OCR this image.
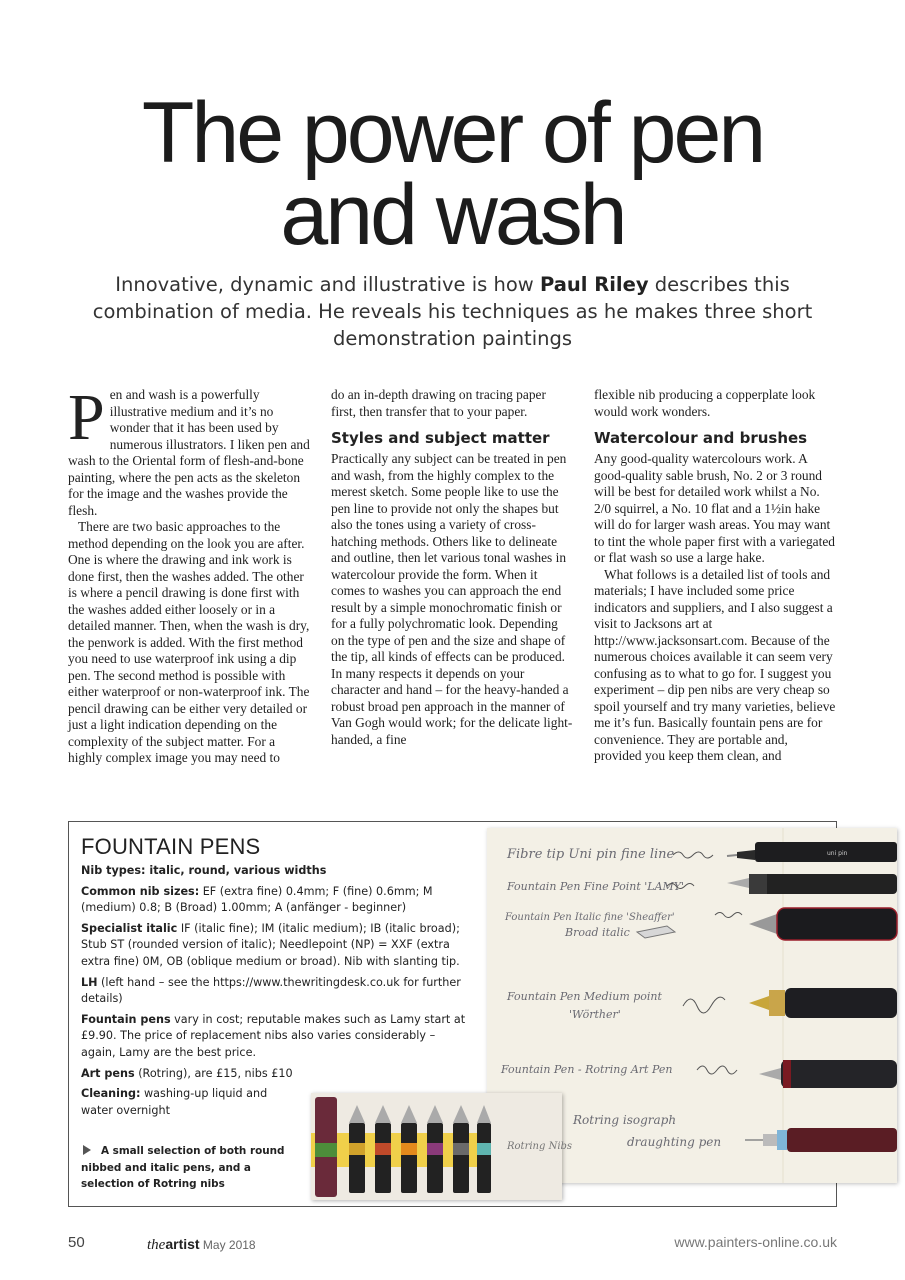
The power of pen
and wash
Innovative, dynamic and illustrative is how Paul Riley describes this combination of media. He reveals his techniques as he makes three short demonstration paintings

Pen and wash is a powerfully illustrative medium and it’s no wonder that it has been used by numerous illustrators. I liken pen and wash to the Oriental form of flesh-and-bone painting, where the pen acts as the skeleton for the image and the washes provide the flesh.

There are two basic approaches to the method depending on the look you are after. One is where the drawing and ink work is done first, then the washes added. The other is where a pencil drawing is done first with the washes added either loosely or in a detailed manner. Then, when the wash is dry, the penwork is added. With the first method you need to use waterproof ink using a dip pen. The second method is possible with either waterproof or non-waterproof ink. The pencil drawing can be either very detailed or just a light indication depending on the complexity of the subject matter. For a highly complex image you may need to

do an in-depth drawing on tracing paper first, then transfer that to your paper.

Styles and subject matter

Practically any subject can be treated in pen and wash, from the highly complex to the merest sketch. Some people like to use the pen line to provide not only the shapes but also the tones using a variety of cross-hatching methods. Others like to delineate and outline, then let various tonal washes in watercolour provide the form. When it comes to washes you can approach the end result by a simple monochromatic finish or for a fully polychromatic look. Depending on the type of pen and the size and shape of the tip, all kinds of effects can be produced. In many respects it depends on your character and hand – for the heavy-handed a robust broad pen approach in the manner of Van Gogh would work; for the delicate light-handed, a fine

flexible nib producing a copperplate look would work wonders.

Watercolour and brushes

Any good-quality watercolours work. A good-quality sable brush, No. 2 or 3 round will be best for detailed work whilst a No. 2/0 squirrel, a No. 10 flat and a 1½in hake will do for larger wash areas. You may want to tint the whole paper first with a variegated or flat wash so use a large hake.

What follows is a detailed list of tools and materials; I have included some price indicators and suppliers, and I also suggest a visit to Jacksons art at http://www.jacksonsart.com. Because of the numerous choices available it can seem very confusing as to what to go for. I suggest you experiment – dip pen nibs are very cheap so spoil yourself and try many varieties, believe me it’s fun. Basically fountain pens are for convenience. They are portable and, provided you keep them clean, and

FOUNTAIN PENS

Nib types: italic, round, various widths

Common nib sizes: EF (extra fine) 0.4mm; F (fine) 0.6mm; M (medium) 0.8; B (Broad) 1.00mm; A (anfänger - beginner)

Specialist italic IF (italic fine); IM (italic medium); IB (italic broad); Stub ST (rounded version of italic); Needlepoint (NP) = XXF (extra extra fine) 0M, OB (oblique medium or broad). Nib with slanting tip.

LH (left hand – see the https://www.thewritingdesk.co.uk for further details)

Fountain pens vary in cost; reputable makes such as Lamy start at £9.90. The price of replacement nibs also varies considerably – again, Lamy are the best price.

Art pens (Rotring), are £15, nibs £10

Cleaning: washing-up liquid and water overnight

A small selection of both round nibbed and italic pens, and a selection of Rotring nibs
Fibre tip Uni pin fine line
Fountain Pen Fine Point 'LAMY'
Fountain Pen Italic fine 'Sheaffer'
Broad italic
Fountain Pen Medium point
'Wörther'
Fountain Pen - Rotring Art Pen
Rotring isograph
draughting pen
uni pin
Rotring Nibs
50	theartist May 2018	www.painters-online.co.uk
